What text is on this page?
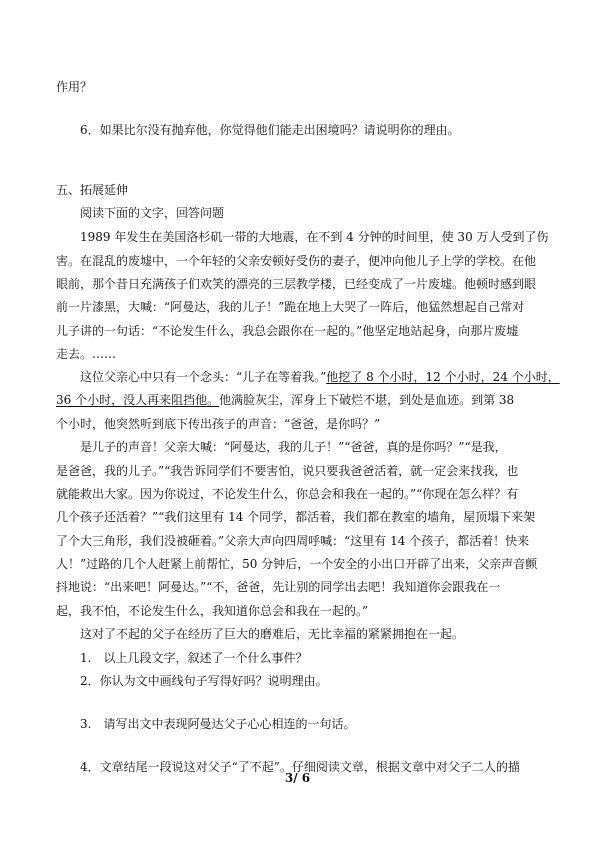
作用？

6．如果比尔没有抛弃他，你觉得他们能走出困境吗？请说明你的理由。

五、拓展延伸

阅读下面的文字，回答问题

1989 年发生在美国洛杉矶一带的大地震，在不到 4 分钟的时间里，使 30 万人受到了伤

害。在混乱的废墟中，一个年轻的父亲安顿好受伤的妻子，便冲向他儿子上学的学校。在他

眼前，那个昔日充满孩子们欢笑的漂亮的三层教学楼，已经变成了一片废墟。他顿时感到眼

前一片漆黑，大喊：“阿曼达，我的儿子！”跪在地上大哭了一阵后，他猛然想起自己常对

儿子讲的一句话：“不论发生什么，我总会跟你在一起的。”他坚定地站起身，向那片废墟

走去。……

这位父亲心中只有一个念头：“儿子在等着我。”他挖了 8 个小时，12 个小时，24 个小时，

36 个小时，没人再来阻挡他。他满脸灰尘，浑身上下破烂不堪，到处是血迹。到第 38

个小时，他突然听到底下传出孩子的声音：“爸爸，是你吗？”

是儿子的声音！父亲大喊：“阿曼达，我的儿子！”“爸爸，真的是你吗？”“是我，

是爸爸，我的儿子。”“我告诉同学们不要害怕，说只要我爸爸活着，就一定会来找我，也

就能救出大家。因为你说过，不论发生什么，你总会和我在一起的。”“你现在怎么样？有

几个孩子还活着？”“我们这里有 14 个同学，都活着，我们都在教室的墙角，屋顶塌下来架

了个大三角形，我们没被砸着。”父亲大声向四周呼喊：“这里有 14 个孩子，都活着！快来

人！”过路的几个人赶紧上前帮忙，50 分钟后，一个安全的小出口开辟了出来，父亲声音颤

抖地说：“出来吧！阿曼达。”“不，爸爸，先让别的同学出去吧！我知道你会跟我在一

起，我不怕，不论发生什么，我知道你总会和我在一起的。”

这对了不起的父子在经历了巨大的磨难后，无比幸福的紧紧拥抱在一起。

1.　以上几段文字，叙述了一个什么事件？

2．你认为文中画线句子写得好吗？说明理由。

3.　请写出文中表现阿曼达父子心心相连的一句话。

4．文章结尾一段说这对父子“了不起”。仔细阅读文章，根据文章中对父子二人的描

3/ 6
